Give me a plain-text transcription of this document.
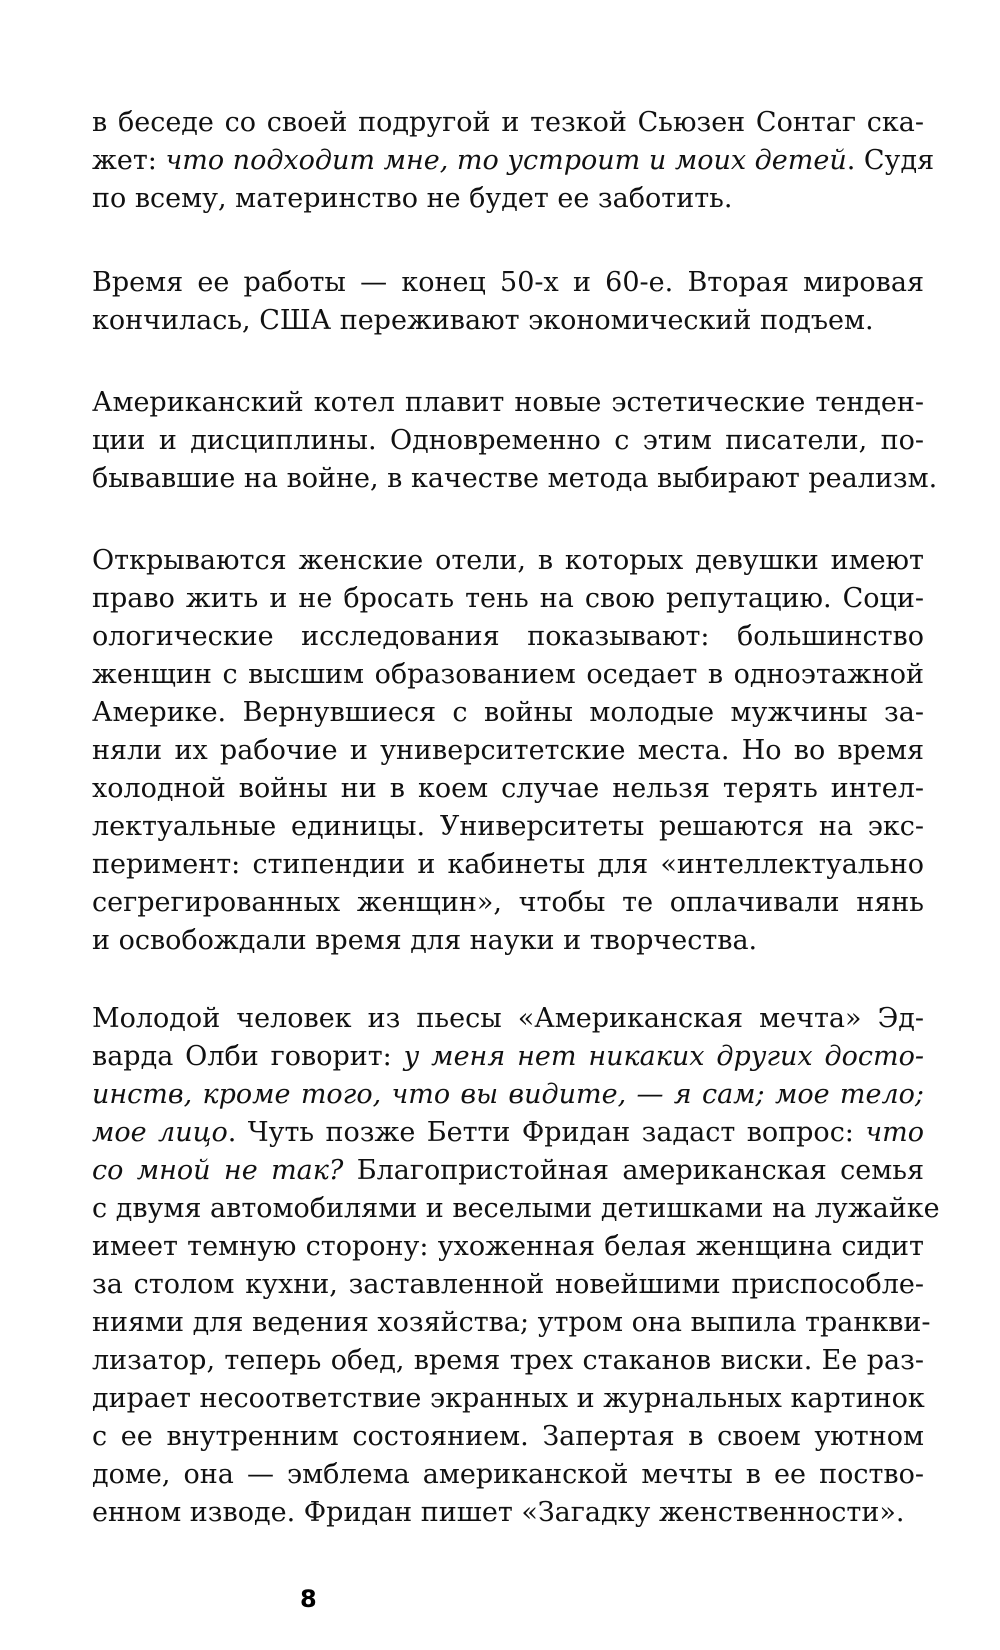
в беседе со своей подругой и тезкой Сьюзен Сонтаг ска-
жет: что подходит мне, то устроит и моих детей. Судя
по всему, материнство не будет ее заботить.
Время ее работы — конец 50-х и 60-е. Вторая мировая
кончилась, США переживают экономический подъем.
Американский котел плавит новые эстетические тенден-
ции и дисциплины. Одновременно с этим писатели, по-
бывавшие на войне, в качестве метода выбирают реализм.
Открываются женские отели, в которых девушки имеют
право жить и не бросать тень на свою репутацию. Соци-
ологические исследования показывают: большинство
женщин с высшим образованием оседает в одноэтажной
Америке. Вернувшиеся с войны молодые мужчины за-
няли их рабочие и университетские места. Но во время
холодной войны ни в коем случае нельзя терять интел-
лектуальные единицы. Университеты решаются на экс-
перимент: стипендии и кабинеты для «интеллектуально
сегрегированных женщин», чтобы те оплачивали нянь
и освобождали время для науки и творчества.
Молодой человек из пьесы «Американская мечта» Эд-
варда Олби говорит: у меня нет никаких других досто-
инств, кроме того, что вы видите, — я сам; мое тело;
мое лицо. Чуть позже Бетти Фридан задаст вопрос: что
со мной не так? Благопристойная американская семья
с двумя автомобилями и веселыми детишками на лужайке
имеет темную сторону: ухоженная белая женщина сидит
за столом кухни, заставленной новейшими приспособле-
ниями для ведения хозяйства; утром она выпила транкви-
лизатор, теперь обед, время трех стаканов виски. Ее раз-
дирает несоответствие экранных и журнальных картинок
с ее внутренним состоянием. Запертая в своем уютном
доме, она — эмблема американской мечты в ее поство-
енном изводе. Фридан пишет «Загадку женственности».
8
